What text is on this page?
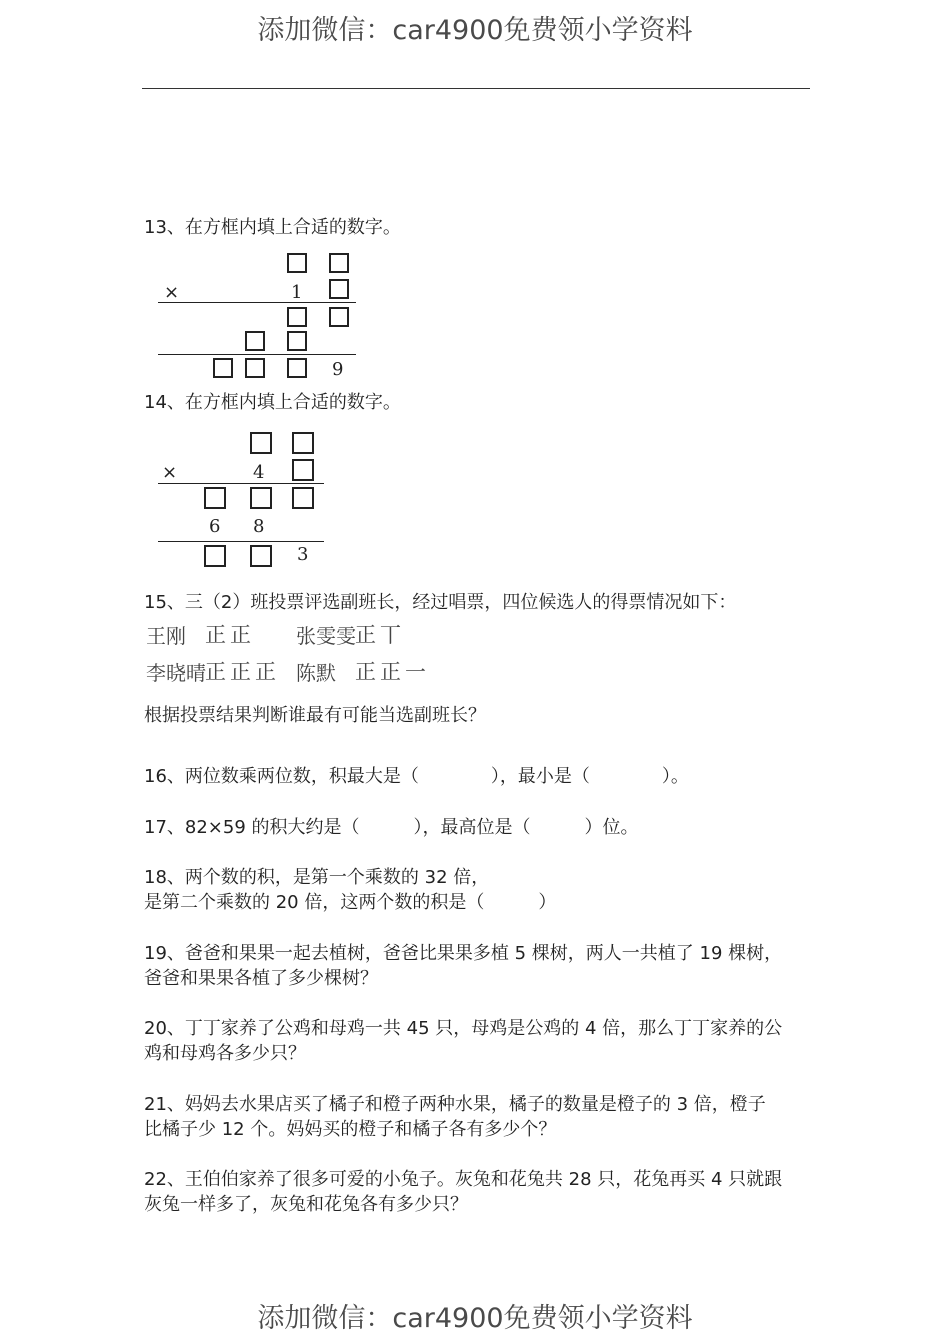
添加微信：car4900免费领小学资料
13、在方框内填上合适的数字。
×	1
9
14、在方框内填上合适的数字。
×	4
6 8
3
15、三（2）班投票评选副班长，经过唱票，四位候选人的得票情况如下：
王刚 正正 张雯雯 正丅
李晓晴 正正正 陈默 正正一
根据投票结果判断谁最有可能当选副班长？
16、两位数乘两位数，积最大是（　　　　），最小是（　　　　）。
17、82×59 的积大约是（　　　），最高位是（　　　）位。
18、两个数的积，是第一个乘数的 32 倍，
是第二个乘数的 20 倍，这两个数的积是（　　　）
19、爸爸和果果一起去植树，爸爸比果果多植 5 棵树，两人一共植了 19 棵树，
爸爸和果果各植了多少棵树？
20、丁丁家养了公鸡和母鸡一共 45 只，母鸡是公鸡的 4 倍，那么丁丁家养的公
鸡和母鸡各多少只？
21、妈妈去水果店买了橘子和橙子两种水果，橘子的数量是橙子的 3 倍，橙子
比橘子少 12 个。妈妈买的橙子和橘子各有多少个？
22、王伯伯家养了很多可爱的小兔子。灰兔和花兔共 28 只，花兔再买 4 只就跟
灰兔一样多了，灰兔和花兔各有多少只？
添加微信：car4900免费领小学资料
